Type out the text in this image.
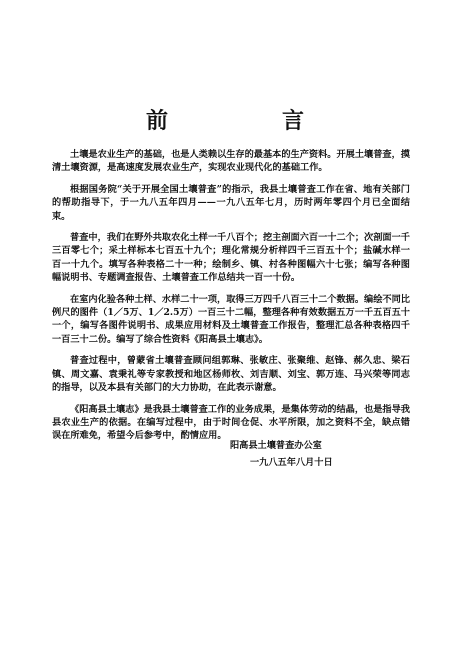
前　言

土壤是农业生产的基础，也是人类赖以生存的最基本的生产资料。开展土壤普查，摸清土壤资源，是高速度发展农业生产，实现农业现代化的基础工作。

根据国务院“关于开展全国土壤普查”的指示，我县土壤普查工作在省、地有关部门的帮助指导下，于一九八五年四月——一九八五年七月，历时两年零四个月已全面结束。

普查中，我们在野外共取农化土样一千八百个；挖主剖面六百一十二个；次剖面一千三百零七个；采土样标本七百五十九个；理化常规分析样四千三百五十个；盐碱水样一百一十九个。填写各种表格二十一种；绘制乡、镇、村各种图幅六十七张；编写各种图幅说明书、专题调查报告、土壤普查工作总结共一百一十份。

在室内化验各种土样、水样二十一项，取得三万四千八百三十二个数据。编绘不同比例尺的图件（1／5万、1／2.5万）一百三十二幅，整理各种有效数据五万一千五百五十一个，编写各图件说明书、成果应用材料及土壤普查工作报告，整理汇总各种表格四千一百三十二份。编写了综合性资料《阳高县土壤志》。

普查过程中，曾蒙省土壤普查顾问组郭琳、张敏庄、张聚维、赵锋、郝久忠、梁石镇、周文嘉、袁秉礼等专家教授和地区杨师枚、刘吉顺、刘宝、郭万连、马兴荣等同志的指导，以及本县有关部门的大力协助，在此表示谢意。

《阳高县土壤志》是我县土壤普查工作的业务成果，是集体劳动的结晶，也是指导我县农业生产的依据。在编写过程中，由于时间仓促、水平所限，加之资料不全，缺点错误在所难免，希望今后参考中，酌情应用。

阳高县土壤普查办公室
一九八五年八月十日
